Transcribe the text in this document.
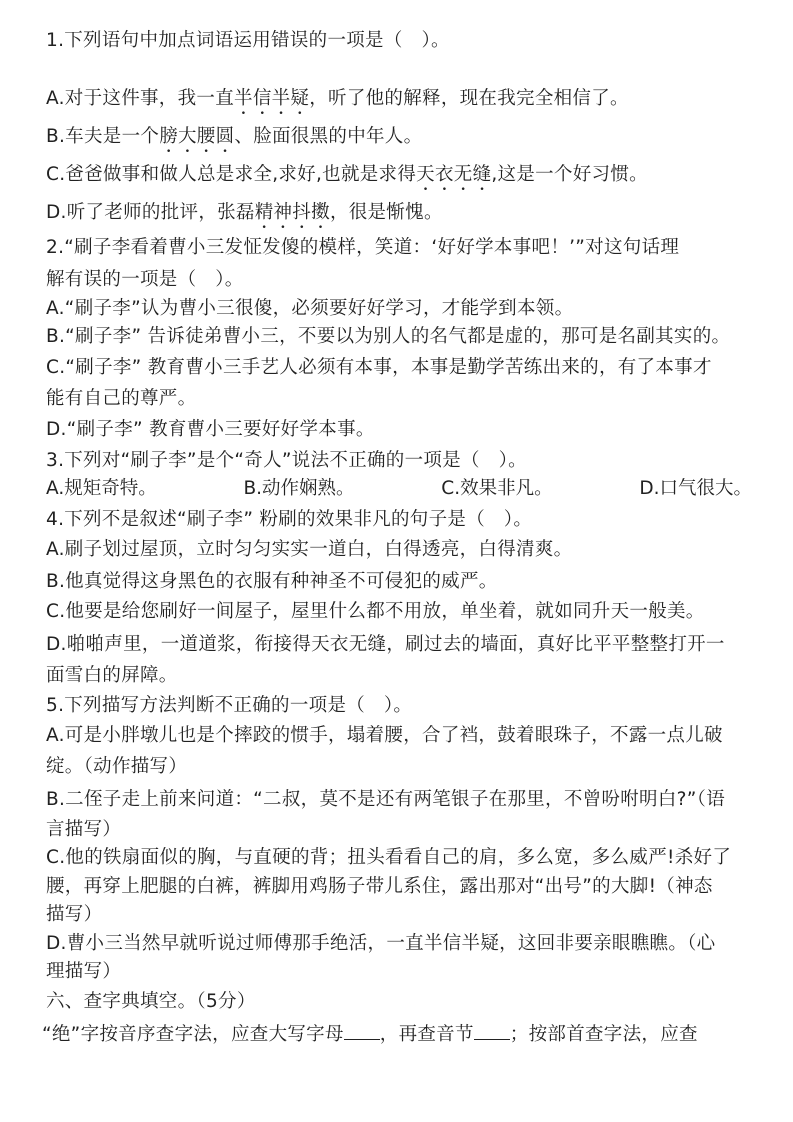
1.下列语句中加点词语运用错误的一项是（　）。
A.对于这件事，我一直半信半疑，听了他的解释，现在我完全相信了。
B.车夫是一个膀大腰圆、脸面很黑的中年人。
C.爸爸做事和做人总是求全,求好,也就是求得天衣无缝,这是一个好习惯。
D.听了老师的批评，张磊精神抖擞，很是惭愧。
2.“刷子李看着曹小三发怔发傻的模样，笑道：‘好好学本事吧！’”对这句话理
解有误的一项是（　）。
A.“刷子李”认为曹小三很傻，必须要好好学习，才能学到本领。
B.“刷子李” 告诉徒弟曹小三，不要以为别人的名气都是虚的，那可是名副其实的。
C.“刷子李” 教育曹小三手艺人必须有本事，本事是勤学苦练出来的，有了本事才
能有自己的尊严。
D.“刷子李” 教育曹小三要好好学本事。
3.下列对“刷子李”是个“奇人”说法不正确的一项是（　）。
A.规矩奇特。	B.动作娴熟。	C.效果非凡。	D.口气很大。
4.下列不是叙述“刷子李” 粉刷的效果非凡的句子是（　）。
A.刷子划过屋顶，立时匀匀实实一道白，白得透亮，白得清爽。
B.他真觉得这身黑色的衣服有种神圣不可侵犯的威严。
C.他要是给您刷好一间屋子，屋里什么都不用放，单坐着，就如同升天一般美。
D.啪啪声里，一道道浆，衔接得天衣无缝，刷过去的墙面，真好比平平整整打开一
面雪白的屏障。
5.下列描写方法判断不正确的一项是（　）。
A.可是小胖墩儿也是个摔跤的惯手，塌着腰，合了裆，鼓着眼珠子，不露一点儿破
绽。（动作描写）
B.二侄子走上前来问道：“二叔，莫不是还有两笔银子在那里，不曾吩咐明白?”（语
言描写）
C.他的铁扇面似的胸，与直硬的背；扭头看看自己的肩，多么宽，多么威严!杀好了
腰，再穿上肥腿的白裤，裤脚用鸡肠子带儿系住，露出那对“出号”的大脚!（神态
描写）
D.曹小三当然早就听说过师傅那手绝活，一直半信半疑，这回非要亲眼瞧瞧。（心
理描写）
六、查字典填空。（5分）
“绝”字按音序查字法，应查大写字母 ，再查音节 ；按部首查字法，应查
